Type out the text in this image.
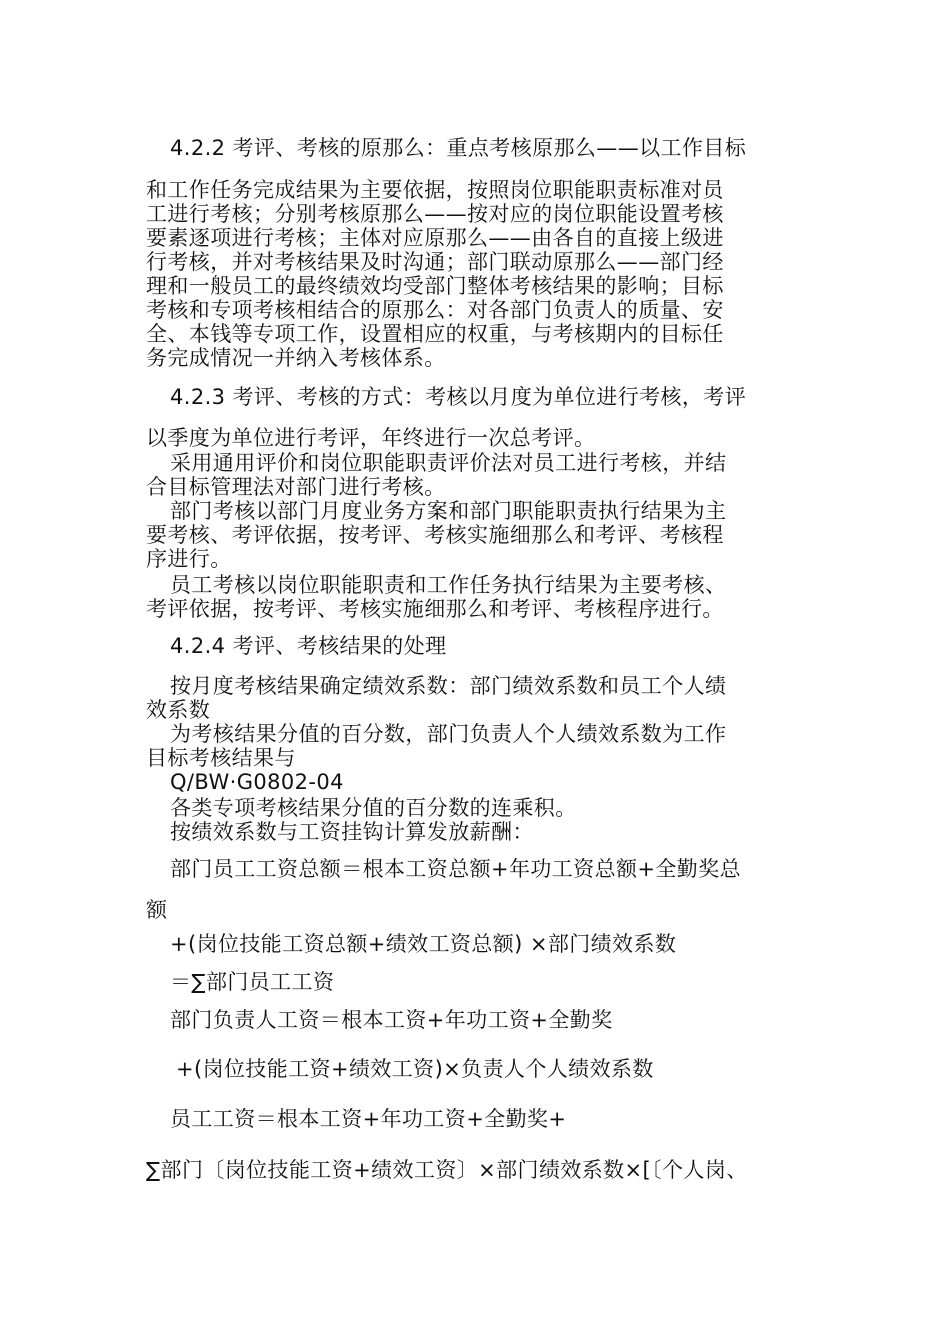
4.2.2 考评、考核的原那么：重点考核原那么——以工作目标

和工作任务完成结果为主要依据，按照岗位职能职责标准对员

工进行考核；分别考核原那么——按对应的岗位职能设置考核

要素逐项进行考核；主体对应原那么——由各自的直接上级进

行考核，并对考核结果及时沟通；部门联动原那么——部门经

理和一般员工的最终绩效均受部门整体考核结果的影响；目标

考核和专项考核相结合的原那么：对各部门负责人的质量、安

全、本钱等专项工作，设置相应的权重，与考核期内的目标任

务完成情况一并纳入考核体系。

4.2.3 考评、考核的方式：考核以月度为单位进行考核，考评

以季度为单位进行考评，年终进行一次总考评。

采用通用评价和岗位职能职责评价法对员工进行考核，并结

合目标管理法对部门进行考核。

部门考核以部门月度业务方案和部门职能职责执行结果为主

要考核、考评依据，按考评、考核实施细那么和考评、考核程

序进行。

员工考核以岗位职能职责和工作任务执行结果为主要考核、

考评依据，按考评、考核实施细那么和考评、考核程序进行。

4.2.4 考评、考核结果的处理

按月度考核结果确定绩效系数：部门绩效系数和员工个人绩

效系数

为考核结果分值的百分数，部门负责人个人绩效系数为工作

目标考核结果与

Q/BW·G0802-04

各类专项考核结果分值的百分数的连乘积。

按绩效系数与工资挂钩计算发放薪酬：

部门员工工资总额＝根本工资总额+年功工资总额+全勤奖总

额

+(岗位技能工资总额+绩效工资总额) ×部门绩效系数

＝∑部门员工工资

部门负责人工资＝根本工资+年功工资+全勤奖

+(岗位技能工资+绩效工资)×负责人个人绩效系数

员工工资＝根本工资+年功工资+全勤奖+

∑部门〔岗位技能工资+绩效工资〕×部门绩效系数×[〔个人岗、
